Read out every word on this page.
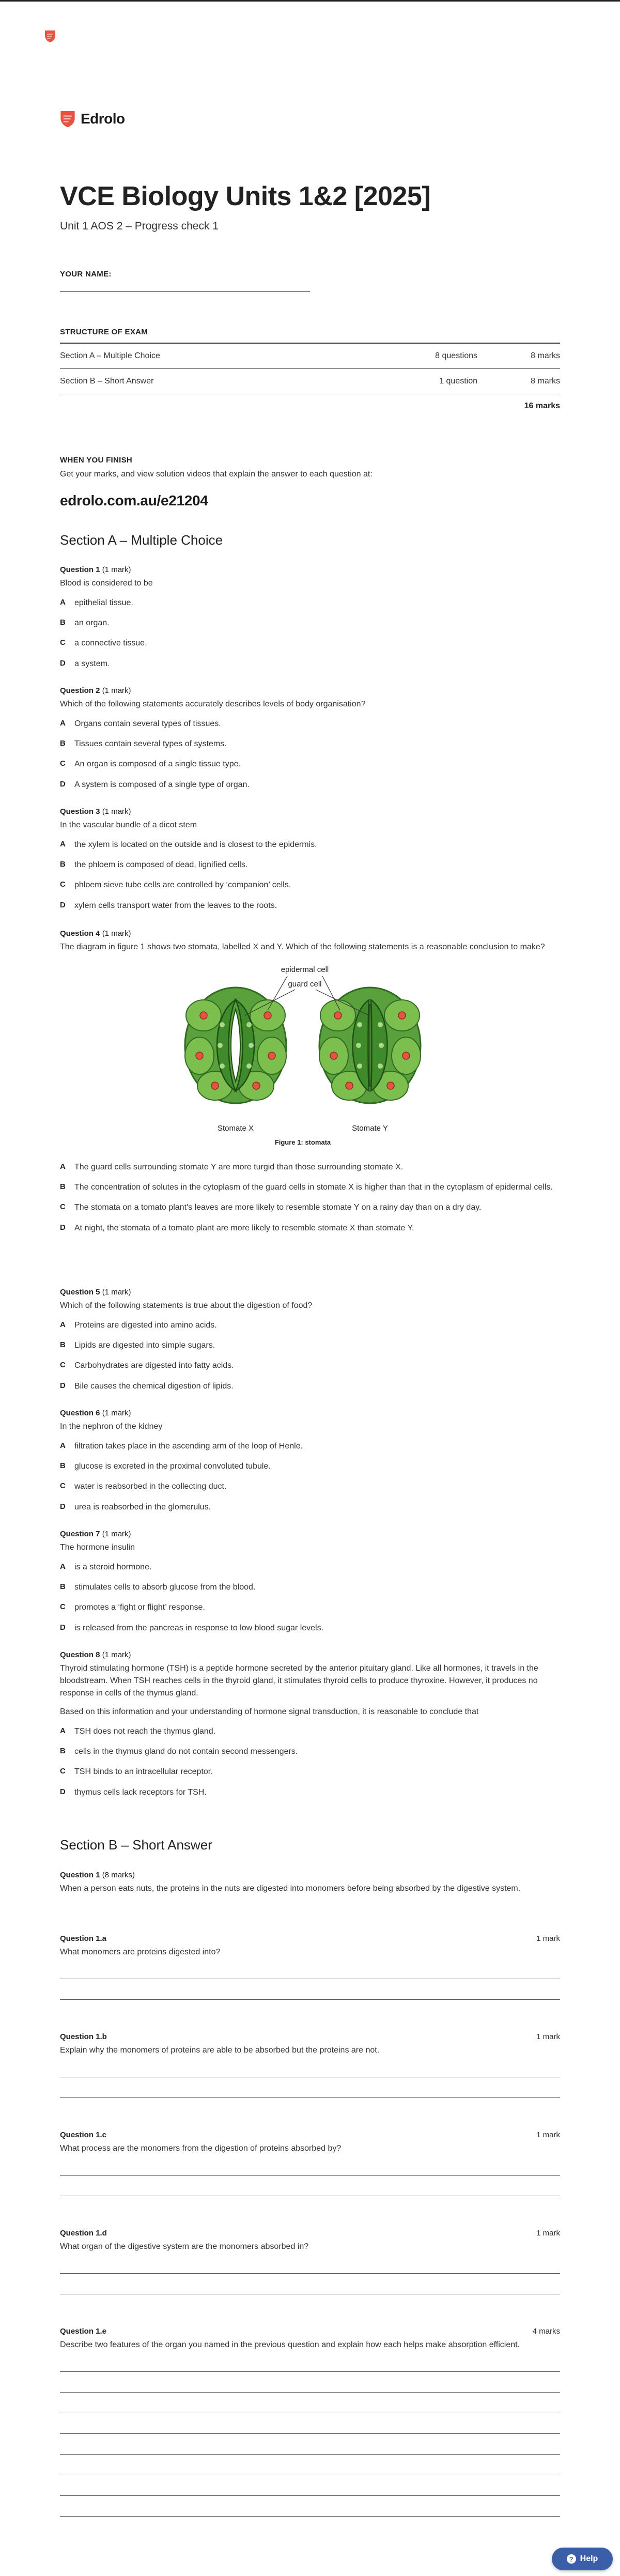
Edrolo
VCE Biology Units 1&2 [2025]
Unit 1 AOS 2 – Progress check 1
YOUR NAME:
STRUCTURE OF EXAM
Section A – Multiple Choice	8 questions	8 marks
Section B – Short Answer	1 question	8 marks
16 marks
WHEN YOU FINISH
Get your marks, and view solution videos that explain the answer to each question at:
edrolo.com.au/e21204
Section A – Multiple Choice
Question 1 (1 mark)
Blood is considered to be
A	epithelial tissue.
B	an organ.
C	a connective tissue.
D	a system.
Question 2 (1 mark)
Which of the following statements accurately describes levels of body organisation?
A	Organs contain several types of tissues.
B	Tissues contain several types of systems.
C	An organ is composed of a single tissue type.
D	A system is composed of a single type of organ.
Question 3 (1 mark)
In the vascular bundle of a dicot stem
A	the xylem is located on the outside and is closest to the epidermis.
B	the phloem is composed of dead, lignified cells.
C	phloem sieve tube cells are controlled by ‘companion’ cells.
D	xylem cells transport water from the leaves to the roots.
Question 4 (1 mark)
The diagram in figure 1 shows two stomata, labelled X and Y. Which of the following statements is a reasonable conclusion to make?
epidermal cell
guard cell
Stomate X	Stomate Y
Figure 1: stomata
A	The guard cells surrounding stomate Y are more turgid than those surrounding stomate X.
B	The concentration of solutes in the cytoplasm of the guard cells in stomate X is higher than that in the cytoplasm of epidermal cells.
C	The stomata on a tomato plant's leaves are more likely to resemble stomate Y on a rainy day than on a dry day.
D	At night, the stomata of a tomato plant are more likely to resemble stomate X than stomate Y.
Question 5 (1 mark)
Which of the following statements is true about the digestion of food?
A	Proteins are digested into amino acids.
B	Lipids are digested into simple sugars.
C	Carbohydrates are digested into fatty acids.
D	Bile causes the chemical digestion of lipids.
Question 6 (1 mark)
In the nephron of the kidney
A	filtration takes place in the ascending arm of the loop of Henle.
B	glucose is excreted in the proximal convoluted tubule.
C	water is reabsorbed in the collecting duct.
D	urea is reabsorbed in the glomerulus.
Question 7 (1 mark)
The hormone insulin
A	is a steroid hormone.
B	stimulates cells to absorb glucose from the blood.
C	promotes a ‘fight or flight’ response.
D	is released from the pancreas in response to low blood sugar levels.
Question 8 (1 mark)
Thyroid stimulating hormone (TSH) is a peptide hormone secreted by the anterior pituitary gland. Like all hormones, it travels in the bloodstream. When TSH reaches cells in the thyroid gland, it stimulates thyroid cells to produce thyroxine. However, it produces no response in cells of the thymus gland.
Based on this information and your understanding of hormone signal transduction, it is reasonable to conclude that
A	TSH does not reach the thymus gland.
B	cells in the thymus gland do not contain second messengers.
C	TSH binds to an intracellular receptor.
D	thymus cells lack receptors for TSH.
Section B – Short Answer
Question 1 (8 marks)
When a person eats nuts, the proteins in the nuts are digested into monomers before being absorbed by the digestive system.
Question 1.a	1 mark
What monomers are proteins digested into?
Question 1.b	1 mark
Explain why the monomers of proteins are able to be absorbed but the proteins are not.
Question 1.c	1 mark
What process are the monomers from the digestion of proteins absorbed by?
Question 1.d	1 mark
What organ of the digestive system are the monomers absorbed in?
Question 1.e	4 marks
Describe two features of the organ you named in the previous question and explain how each helps make absorption efficient.
? Help
